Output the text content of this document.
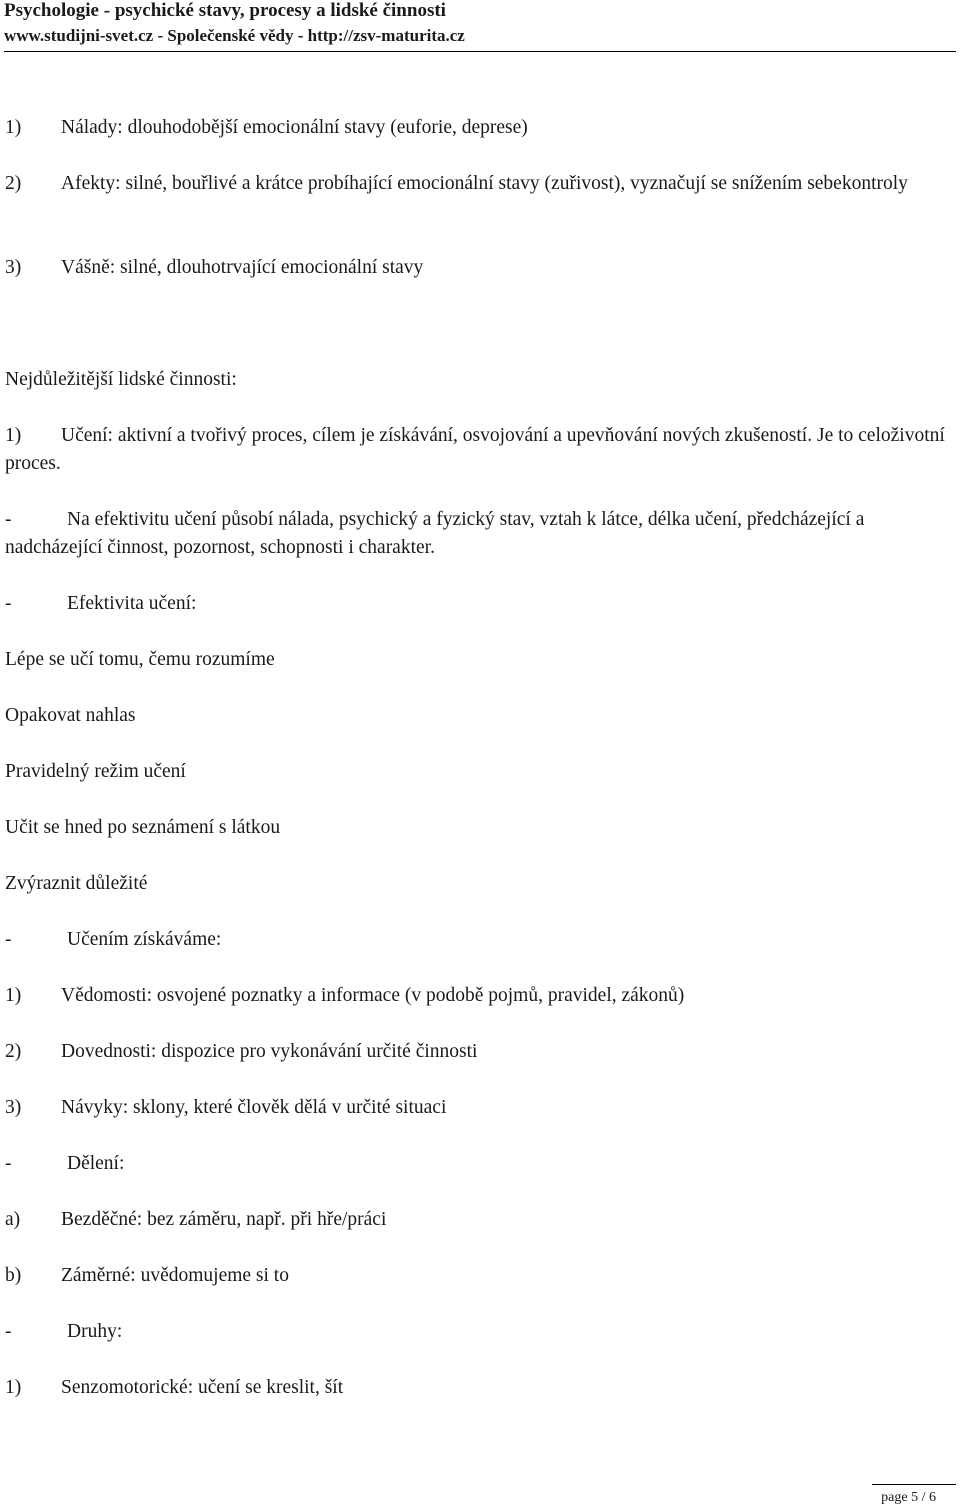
Psychologie - psychické stavy, procesy a lidské činnosti
www.studijni-svet.cz - Společenské vědy - http://zsv-maturita.cz
1) Nálady: dlouhodobější emocionální stavy (euforie, deprese)
2) Afekty: silné, bouřlivé a krátce probíhající emocionální stavy (zuřivost), vyznačují se snížením sebekontroly
3) Vášně: silné, dlouhotrvající emocionální stavy
Nejdůležitější lidské činnosti:
1) Učení: aktivní a tvořivý proces, cílem je získávání, osvojování a upevňování nových zkušeností. Je to celoživotní proces.
-	Na efektivitu učení působí nálada, psychický a fyzický stav, vztah k látce, délka učení, předcházející a nadcházející činnost, pozornost, schopnosti i charakter.
-	Efektivita učení:
Lépe se učí tomu, čemu rozumíme
Opakovat nahlas
Pravidelný režim učení
Učit se hned po seznámení s látkou
Zvýraznit důležité
-	Učením získáváme:
1) Vědomosti: osvojené poznatky a informace (v podobě pojmů, pravidel, zákonů)
2) Dovednosti: dispozice pro vykonávání určité činnosti
3) Návyky: sklony, které člověk dělá v určité situaci
-	Dělení:
a) Bezděčné: bez záměru, např. při hře/práci
b) Záměrné: uvědomujeme si to
-	Druhy:
1) Senzomotorické: učení se kreslit, šít
page 5 / 6
